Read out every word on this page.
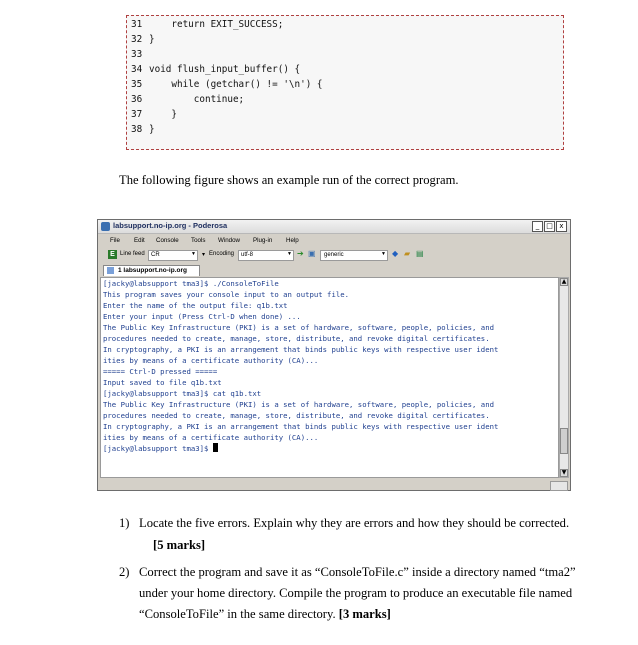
31    return EXIT_SUCCESS;
32 }
33
34 void flush_input_buffer() {
35    while (getchar() != '\n') {
36        continue;
37    }
38 }
The following figure shows an example run of the correct program.
labsupport.no-ip.org - Poderosa	_ □ x
File Edit Console Tools Window Plug-in Help
E Line feed CR	▼ ▾ Encoding utf-8	▼ ➔ ▣ generic	▼ ◆ ▰ ▤
1 labsupport.no-ip.org
[jacky@labsupport tma3]$ ./ConsoleToFile
This program saves your console input to an output file.
Enter the name of the output file: q1b.txt
Enter your input (Press Ctrl-D when done) ...
The Public Key Infrastructure (PKI) is a set of hardware, software, people, policies, and
procedures needed to create, manage, store, distribute, and revoke digital certificates.
In cryptography, a PKI is an arrangement that binds public keys with respective user ident
ities by means of a certificate authority (CA)...
===== Ctrl-D pressed =====
Input saved to file q1b.txt
[jacky@labsupport tma3]$ cat q1b.txt
The Public Key Infrastructure (PKI) is a set of hardware, software, people, policies, and
procedures needed to create, manage, store, distribute, and revoke digital certificates.
In cryptography, a PKI is an arrangement that binds public keys with respective user ident
ities by means of a certificate authority (CA)...
[jacky@labsupport tma3]$
▲
▼
1) Locate the five errors. Explain why they are errors and how they should be corrected.
[5 marks]
2) Correct the program and save it as “ConsoleToFile.c” inside a directory named “tma2”
under your home directory. Compile the program to produce an executable file named
“ConsoleToFile” in the same directory. [3 marks]
